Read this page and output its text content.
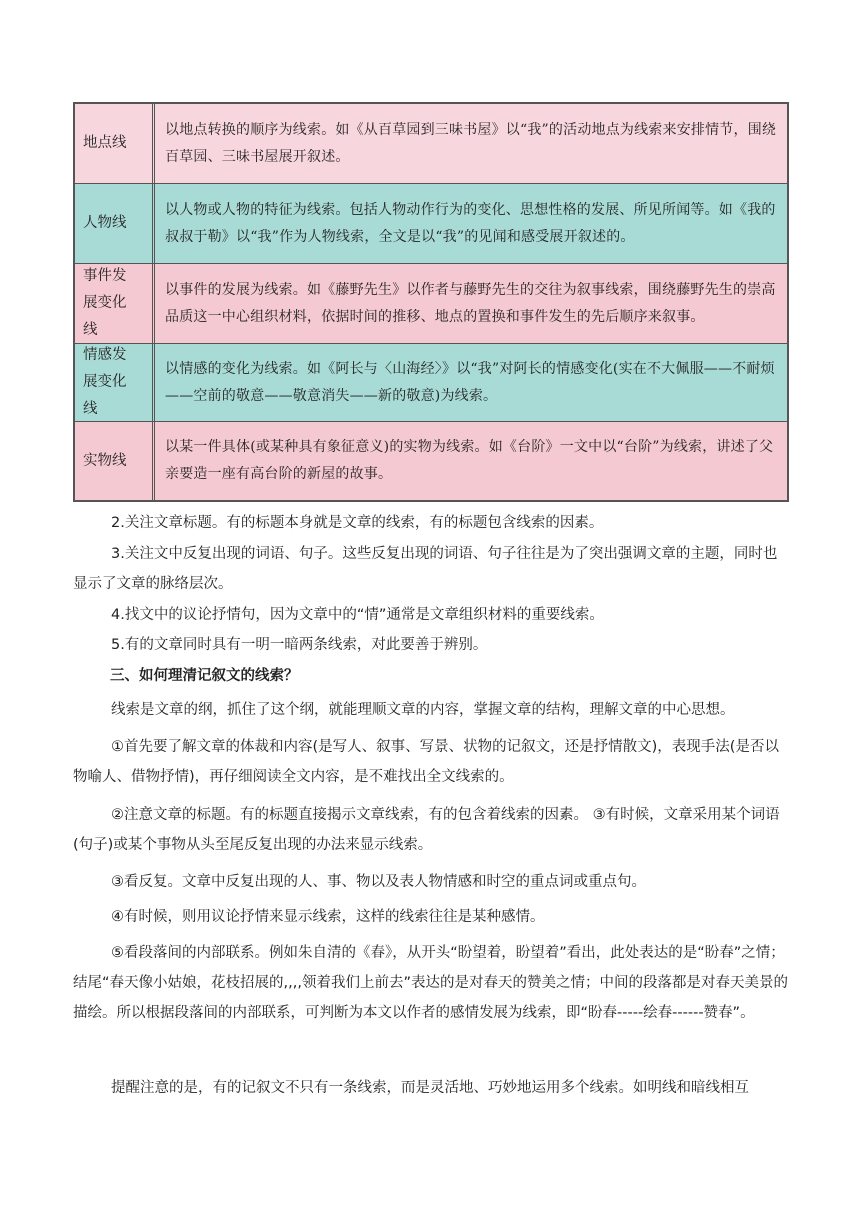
地点线
以地点转换的顺序为线索。如《从百草园到三味书屋》以“我”的活动地点为线索来安排情节，围绕百草园、三味书屋展开叙述。
人物线
以人物或人物的特征为线索。包括人物动作行为的变化、思想性格的发展、所见所闻等。如《我的叔叔于勒》以“我”作为人物线索，全文是以“我”的见闻和感受展开叙述的。
事件发展变化线
以事件的发展为线索。如《藤野先生》以作者与藤野先生的交往为叙事线索，围绕藤野先生的崇高品质这一中心组织材料，依据时间的推移、地点的置换和事件发生的先后顺序来叙事。
情感发展变化线
以情感的变化为线索。如《阿长与〈山海经〉》以“我”对阿长的情感变化(实在不大佩服——不耐烦——空前的敬意——敬意消失——新的敬意)为线索。
实物线
以某一件具体(或某种具有象征意义)的实物为线索。如《台阶》一文中以“台阶”为线索，讲述了父亲要造一座有高台阶的新屋的故事。

2.关注文章标题。有的标题本身就是文章的线索，有的标题包含线索的因素。

3.关注文中反复出现的词语、句子。这些反复出现的词语、句子往往是为了突出强调文章的主题，同时也显示了文章的脉络层次。

4.找文中的议论抒情句，因为文章中的“情”通常是文章组织材料的重要线索。

5.有的文章同时具有一明一暗两条线索，对此要善于辨别。

三、如何理清记叙文的线索？

线索是文章的纲，抓住了这个纲，就能理顺文章的内容，掌握文章的结构，理解文章的中心思想。

①首先要了解文章的体裁和内容(是写人、叙事、写景、状物的记叙文，还是抒情散文)，表现手法(是否以物喻人、借物抒情)，再仔细阅读全文内容，是不难找出全文线索的。

②注意文章的标题。有的标题直接揭示文章线索，有的包含着线索的因素。 ③有时候，文章采用某个词语(句子)或某个事物从头至尾反复出现的办法来显示线索。

③看反复。文章中反复出现的人、事、物以及表人物情感和时空的重点词或重点句。

④有时候，则用议论抒情来显示线索，这样的线索往往是某种感情。

⑤看段落间的内部联系。例如朱自清的《春》，从开头“盼望着，盼望着”看出，此处表达的是“盼春”之情；结尾“春天像小姑娘，花枝招展的,,,,领着我们上前去”表达的是对春天的赞美之情；中间的段落都是对春天美景的描绘。所以根据段落间的内部联系，可判断为本文以作者的感情发展为线索，即“盼春-----绘春------赞春”。

提醒注意的是，有的记叙文不只有一条线索，而是灵活地、巧妙地运用多个线索。如明线和暗线相互
